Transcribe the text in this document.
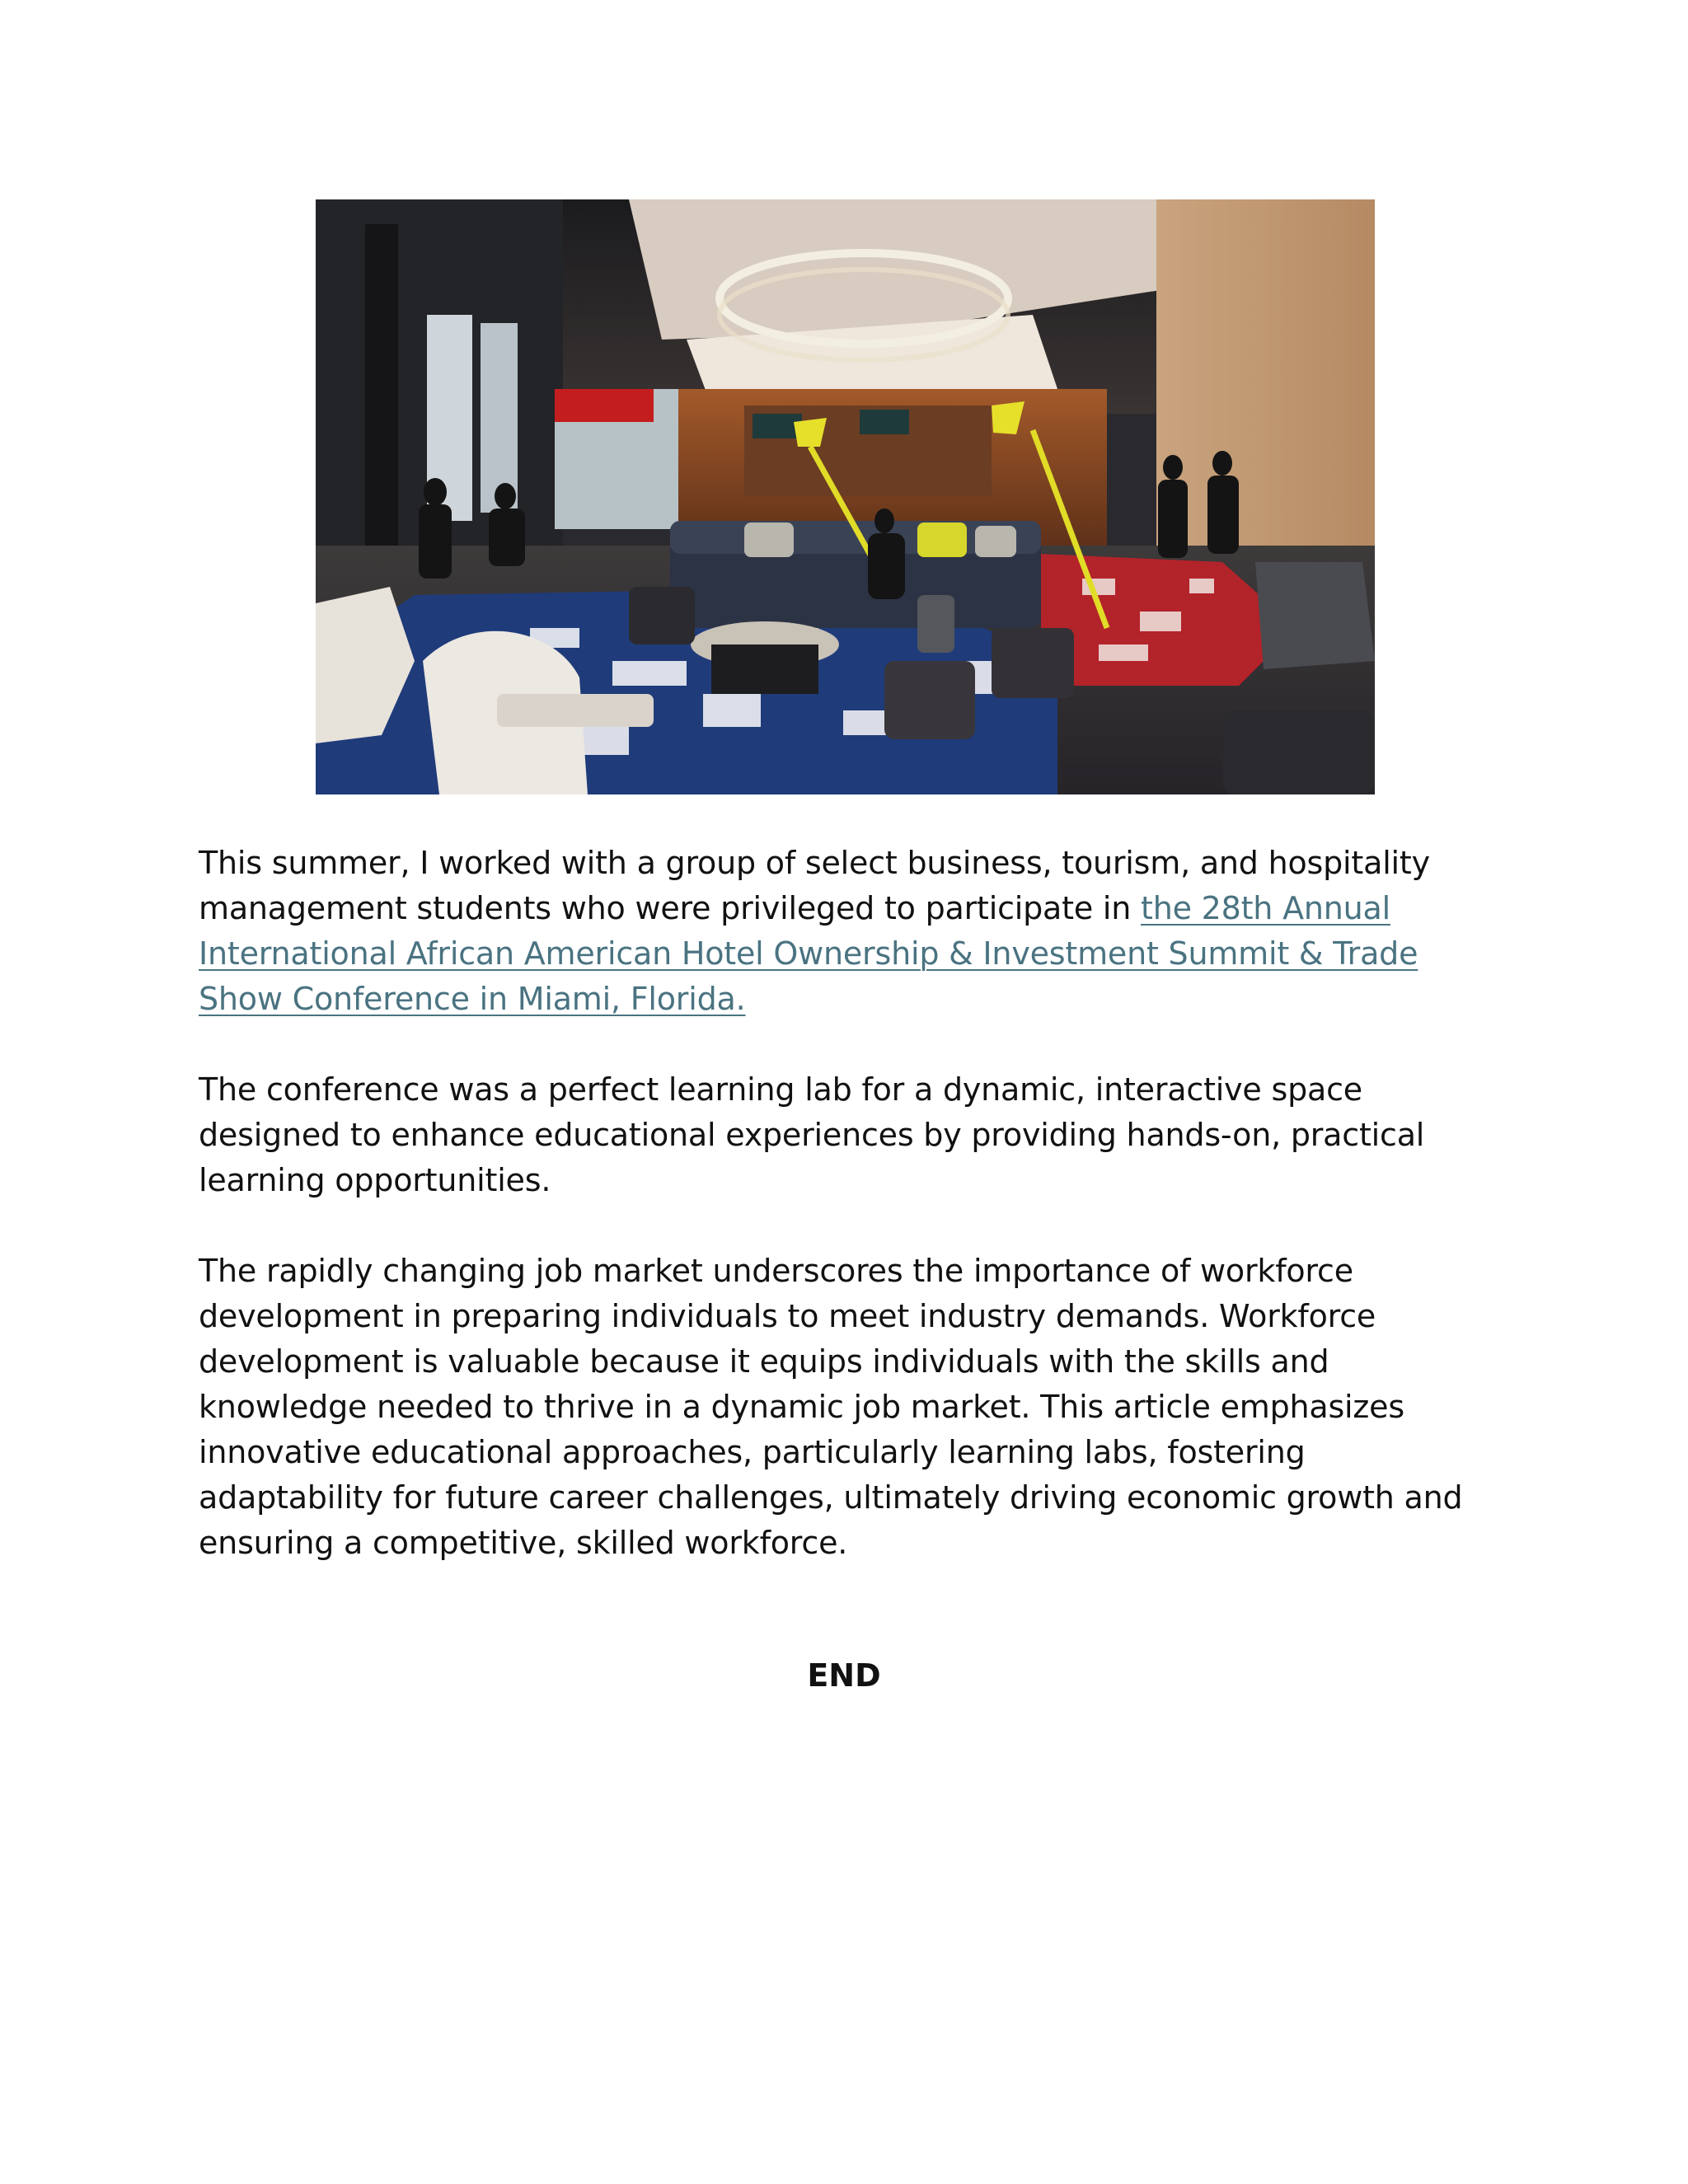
This summer, I worked with a group of select business, tourism, and hospitality management students who were privileged to participate in the 28th Annual International African American Hotel Ownership & Investment Summit & Trade Show Conference in Miami, Florida.

The conference was a perfect learning lab for a dynamic, interactive space designed to enhance educational experiences by providing hands-on, practical learning opportunities.

The rapidly changing job market underscores the importance of workforce development in preparing individuals to meet industry demands. Workforce development is valuable because it equips individuals with the skills and knowledge needed to thrive in a dynamic job market. This article emphasizes innovative educational approaches, particularly learning labs, fostering adaptability for future career challenges, ultimately driving economic growth and ensuring a competitive, skilled workforce.

END
